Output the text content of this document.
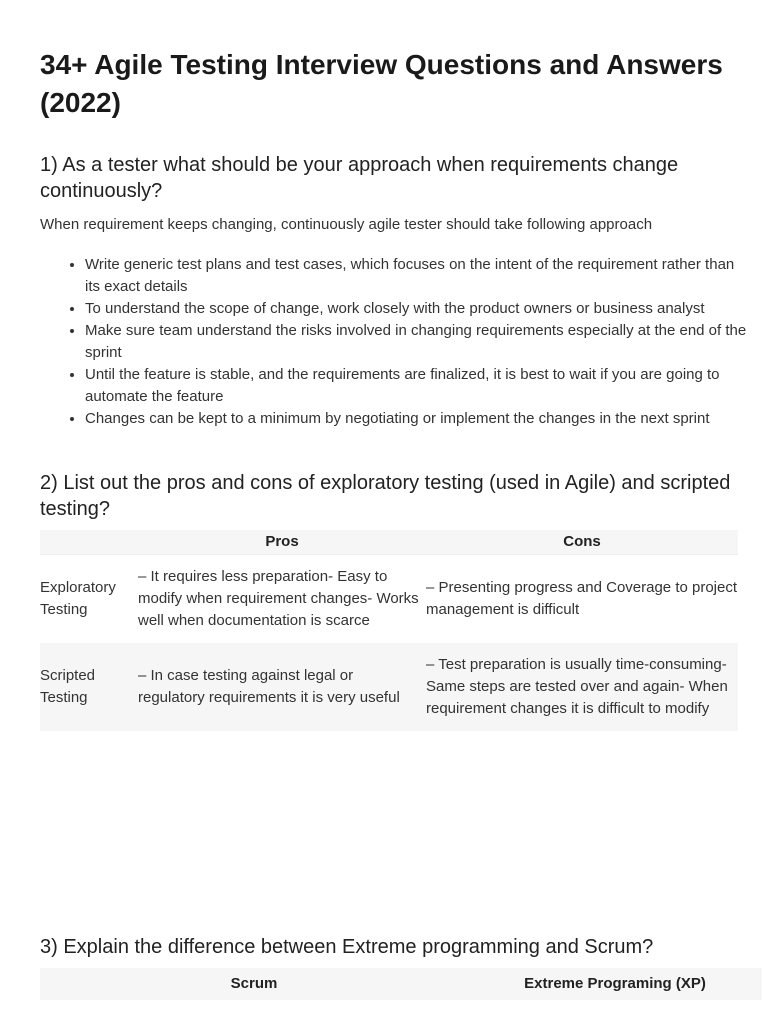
34+ Agile Testing Interview Questions and Answers (2022)
1) As a tester what should be your approach when requirements change continuously?

When requirement keeps changing, continuously agile tester should take following approach

• Write generic test plans and test cases, which focuses on the intent of the requirement rather than its exact details
• To understand the scope of change, work closely with the product owners or business analyst
• Make sure team understand the risks involved in changing requirements especially at the end of the sprint
• Until the feature is stable, and the requirements are finalized, it is best to wait if you are going to automate the feature
• Changes can be kept to a minimum by negotiating or implement the changes in the next sprint
2) List out the pros and cons of exploratory testing (used in Agile) and scripted testing?
	Pros	Cons
Exploratory Testing	– It requires less preparation- Easy to modify when requirement changes- Works well when documentation is scarce	– Presenting progress and Coverage to project management is difficult
Scripted Testing	– In case testing against legal or regulatory requirements it is very useful	– Test preparation is usually time-consuming- Same steps are tested over and again- When requirement changes it is difficult to modify
3) Explain the difference between Extreme programming and Scrum?
Scrum	Extreme Programing (XP)
